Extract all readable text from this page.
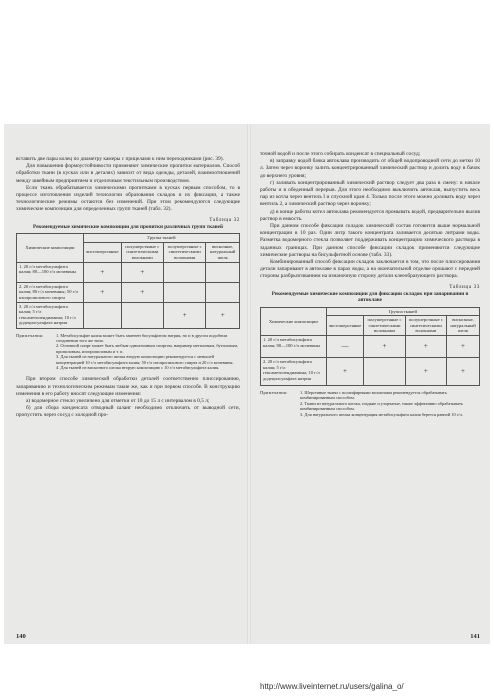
вставить две пары колец по диаметру камеры с прицелами к ним переходниками (рис. 39).

Для повышения формоустойчивости применяют химические пропитки материалов. Способ обработки ткани (в кусках или в деталях) зависит от вида одежды, деталей, взаимоотношений между швейным предприятием и отделочным текстильным производством.

Если ткань обрабатывается химическими пропитками в кусках первым способом, то в процессе изготовления изделий технологии образования складок и их фиксации, а также технологические режимы остаются без изменений. При этом рекомендуются следующие химические композиции для определенных групп тканей (табл. 32).

Таблица 32
Рекомендуемые химические композиции для пропитки различных групп тканей
Химические композиции	Группа тканей			
	чистошерстяные	полушерстяные с синтетическими волокнами	полушерстяные с синтетическими волокнами	вискозные, натуральный шелк
1. 20 г/л метабисульфита калия; 80—100 г/л мочевины	+	+		
2. 20 г/л метабисульфита калия; 80 г/л мочевины; 50 г/л изопропилового спирта	+	+		
3. 20 г/л метабисульфита калия; 5 г/л гексаметилендиамина; 10 г/л додецилсульфата натрия			+	+
Примечания:	1. Метабисульфит калия может быть заменен бисульфитом натрия, но и в другом подобном соединении того же типа.
2. Основной спирт может быть любым одноатомным спиртом, например метиловым, бутиловым, пропиловым, изопропиловым и т. п.
3. Для тканей из натурального шелка вторую композицию рекомендуется с меньшей концентрацией 10 г/л метабисульфита калия; 50 г/л изопропилового спирта и 20 г/л мочевины.
4. Для тканей из вискозного шелка вторую композицию с 10 г/л метабисульфита калия.

При втором способе химической обработки деталей соответственно плиссированию, запариванию и технологическим режимам такие же, как и при первом способе. В конструкцию изменения в его работу вносят следующие изменения:

а) водомерное стекло увеличено для отметки от 10 до 15 л с интервалом в 0,5 л;

б) для сбора конденсата отводный шланг необходимо отключить от выводной сети, пропустить через сосуд с холодной про-

140

точной водой и после этого собирать конденсат в специальный сосуд;

в) заправку водой бачка автоклава производить от общей водопроводной сети до метки 10 л. Затем через воронку залить концентрированный химический раствор и долить воду в бачок до верхнего уровня;

г) заливать концентрированный химический раствор следует два раза в смену: в начале работы и в обеденный перерыв. Для этого необходимо выключить автоклав, выпустить весь пар из котла через вентиль I и спускной кран 4. Только после этого можно доливать воду через вентиль 2, а химический раствор через воронку;

д) в конце работы котел автоклава рекомендуется промывать водой, предварительно вылив раствор в емкость.

При данном способе фиксации складок химический состав готовится выше нормальной концентрации в 10 раз. Один литр такого концентрата заливается десятью литрами воды. Разметка водомерного стекла позволяет поддерживать концентрацию химического раствора в заданных границах. При данном способе фиксации складок применяются следующие химические растворы на бисульфитной основе (табл. 33).

Комбинированный способ фиксации складок заключается в том, что после плиссирования детали запаривают в автоклаве в парах воды, а на окончательной отделке орошают с передней стороны разбрызгиванием на изнаночную сторону детали клееобразующего раствора.

Таблица 33
Рекомендуемые химические композиции для фиксации складок при запаривании в автоклаве
Химические композиции	Группа тканей			
	чистошерстяные	полушерстяные с синтетическими волокнами	полушерстяные с синтетическими волокнами	вискозные, натуральный шелк
1. 20 г/л метабисульфита калия; 80—100 г/л мочевины	—	+	+	+
2. 20 г/л метабисульфита калия; 5 г/л гексаметилендиамина; 10 г/л додецилсульфата натрия	+		+	+
Примечания:	1. Шерстяные ткани с полиэфирными волокнами рекомендуется обрабатывать комбинированным способом.
2. Ткани из натурального шелка, гладкие и узорчатые, также эффективно обрабатывать комбинированным способом.
3. Для натурального шелка концентрация метабисульфита калия берется равной 10 г/л.
141
http://www.liveinternet.ru/users/galina_o/
